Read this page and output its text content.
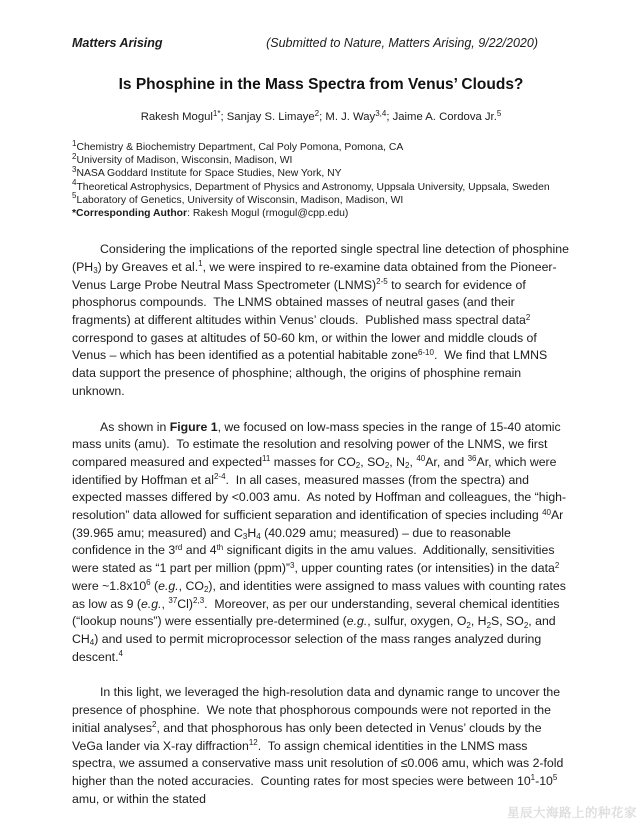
Matters Arising	(Submitted to Nature, Matters Arising, 9/22/2020)
Is Phosphine in the Mass Spectra from Venus’ Clouds?
Rakesh Mogul$^{1*}$; Sanjay S. Limaye$^2$; M. J. Way$^{3,4}$; Jaime A. Cordova Jr.$^5$
$^1$Chemistry & Biochemistry Department, Cal Poly Pomona, Pomona, CA
$^2$University of Madison, Wisconsin, Madison, WI
$^3$NASA Goddard Institute for Space Studies, New York, NY
$^4$Theoretical Astrophysics, Department of Physics and Astronomy, Uppsala University, Uppsala, Sweden
$^5$Laboratory of Genetics, University of Wisconsin, Madison, Madison, WI
*Corresponding Author: Rakesh Mogul (rmogul@cpp.edu)

Considering the implications of the reported single spectral line detection of phosphine $(PH_3)$ by Greaves et al.$^1$, we were inspired to re-examine data obtained from the Pioneer-Venus Large Probe Neutral Mass Spectrometer (LNMS)$^{2-5}$ to search for evidence of phosphorus compounds.  The LNMS obtained masses of neutral gases (and their fragments) at different altitudes within Venus’ clouds.  Published mass spectral data$^2$ correspond to gases at altitudes of 50-60 km, or within the lower and middle clouds of Venus – which has been identified as a potential habitable zone$^{6-10}$.  We find that LMNS data support the presence of phosphine; although, the origins of phosphine remain unknown.

As shown in Figure 1, we focused on low-mass species in the range of 15-40 atomic mass units (amu).  To estimate the resolution and resolving power of the LNMS, we first compared measured and expected$^{11}$ masses for $CO_2$, $SO_2$, $N_2$, $^{40}$Ar, and $^{36}$Ar, which were identified by Hoffman et $al^{2-4}$.  In all cases, measured masses (from the spectra) and expected masses differed by <0.003 amu.  As noted by Hoffman and colleagues, the “high-resolution” data allowed for sufficient separation and identification of species including $^{40}$Ar (39.965 amu; measured) and $C_3H_4$ (40.029 amu; measured) – due to reasonable confidence in the 3rd and 4th significant digits in the amu values.  Additionally, sensitivities were stated as “1 part per million (ppm)”$^3$, upper counting rates (or intensities) in the data$^2$ were $\sim 1.8x10^6$ (e.g., $CO_2$), and identities were assigned to mass values with counting rates as low as 9 (e.g., $^{37}$Cl)$^{2,3}$.  Moreover, as per our understanding, several chemical identities (“lookup nouns”) were essentially pre-determined (e.g., sulfur, oxygen, $O_2$, $H_2S$, $SO_2$, and $CH_4$) and used to permit microprocessor selection of the mass ranges analyzed during descent.$^4$

In this light, we leveraged the high-resolution data and dynamic range to uncover the presence of phosphine.  We note that phosphorous compounds were not reported in the initial analyses$^2$, and that phosphorous has only been detected in Venus’ clouds by the VeGa lander via X-ray diffraction$^{12}$.  To assign chemical identities in the LNMS mass spectra, we assumed a conservative mass unit resolution of ≤0.006 amu, which was 2-fold higher than the noted accuracies.  Counting rates for most species were between $10^1-10^5$ amu, or within the stated

星辰大海路上的种花家
